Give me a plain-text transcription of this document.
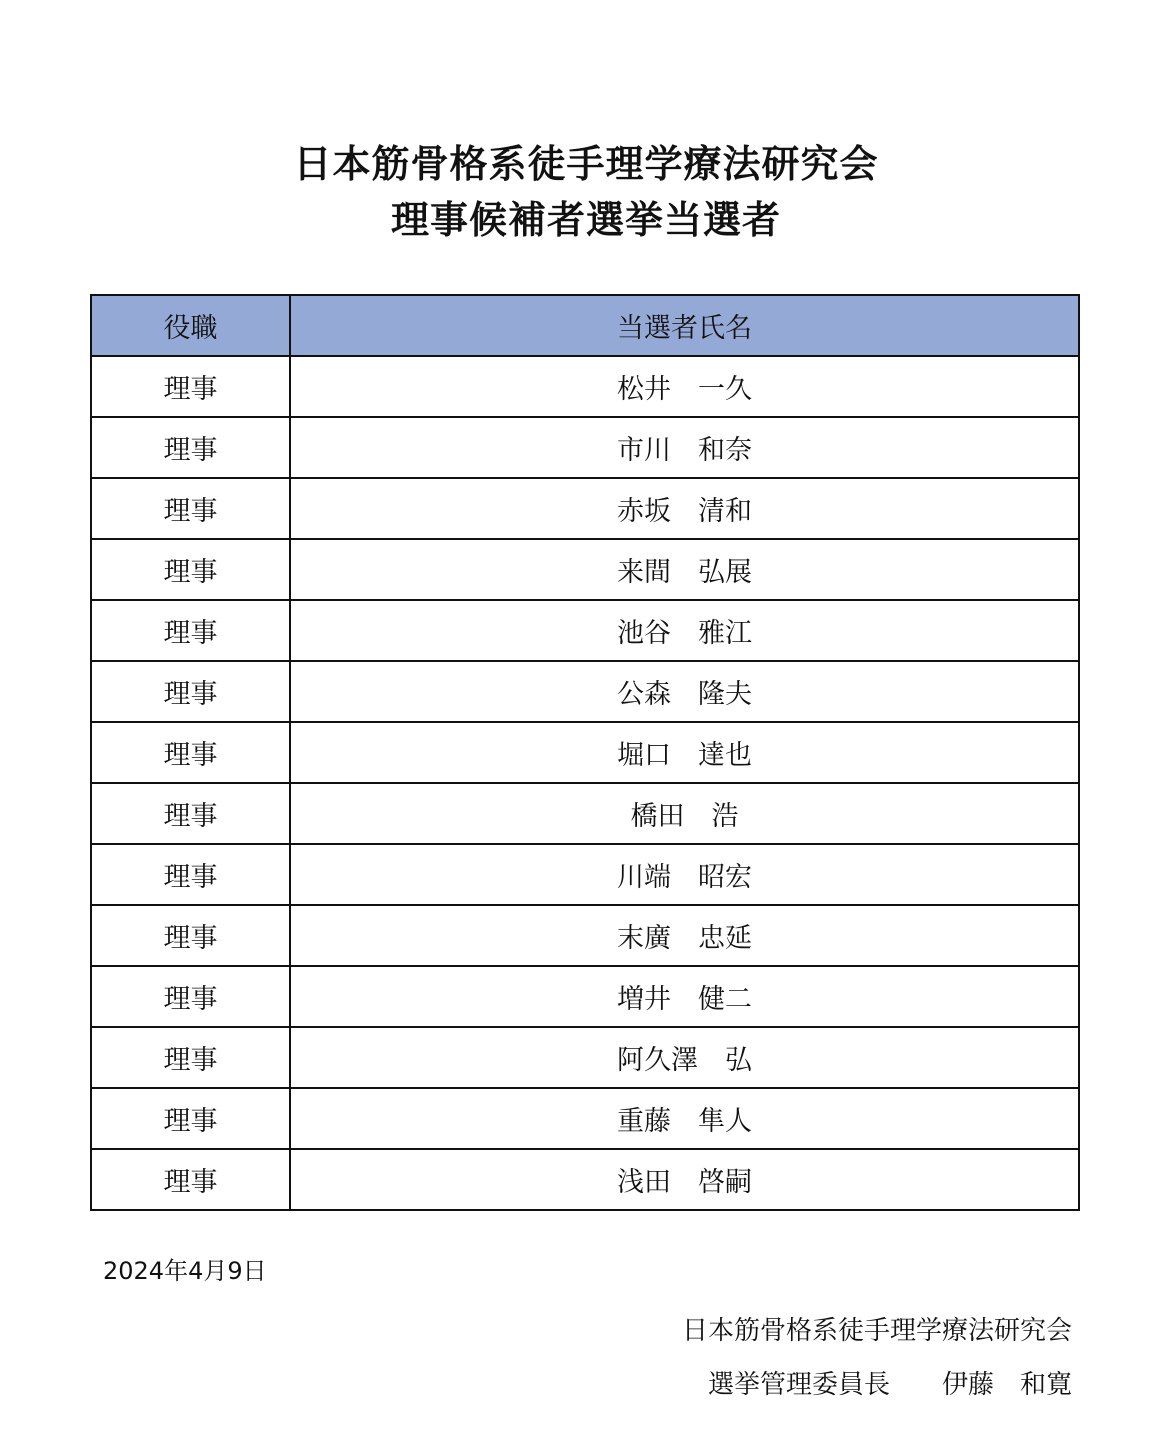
日本筋骨格系徒手理学療法研究会
理事候補者選挙当選者
役職	当選者氏名
理事	松井　一久
理事	市川　和奈
理事	赤坂　清和
理事	来間　弘展
理事	池谷　雅江
理事	公森　隆夫
理事	堀口　達也
理事	橋田　浩
理事	川端　昭宏
理事	末廣　忠延
理事	増井　健二
理事	阿久澤　弘
理事	重藤　隼人
理事	浅田　啓嗣
2024年4月9日
日本筋骨格系徒手理学療法研究会
選挙管理委員長 伊藤　和寛
